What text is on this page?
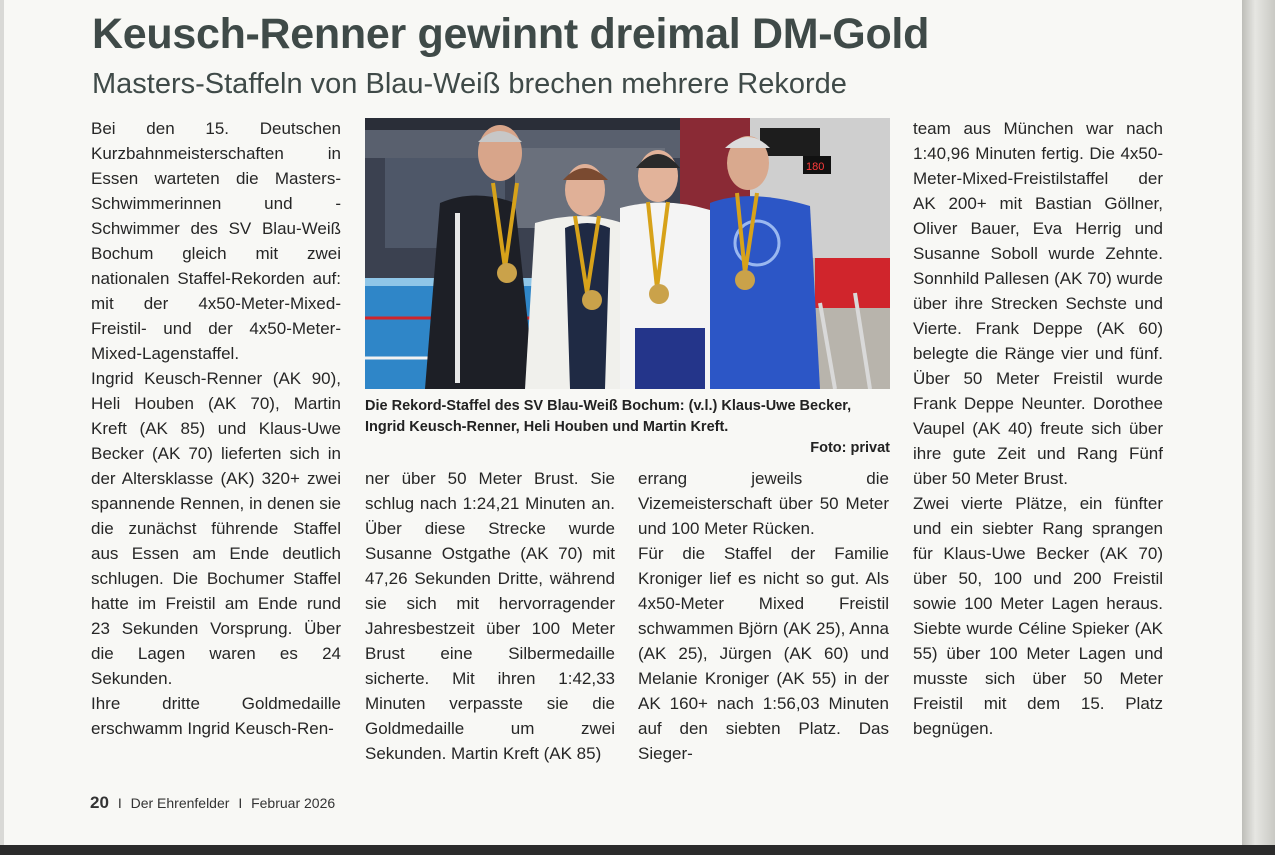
Keusch-Renner gewinnt dreimal DM-Gold
Masters-Staffeln von Blau-Weiß brechen mehrere Rekorde

Bei den 15. Deutschen Kurzbahnmeisterschaften in Essen warteten die Masters-Schwimmerinnen und -Schwimmer des SV Blau-Weiß Bochum gleich mit zwei nationalen Staffel-Rekorden auf: mit der 4x50-Meter-Mixed-Freistil- und der 4x50-Meter-Mixed-Lagenstaffel.

Ingrid Keusch-Renner (AK 90), Heli Houben (AK 70), Martin Kreft (AK 85) und Klaus-Uwe Becker (AK 70) lieferten sich in der Altersklasse (AK) 320+ zwei spannende Rennen, in denen sie die zunächst führende Staffel aus Essen am Ende deutlich schlugen. Die Bochumer Staffel hatte im Freistil am Ende rund 23 Sekunden Vorsprung. Über die Lagen waren es 24 Sekunden.

Ihre dritte Goldmedaille erschwamm Ingrid Keusch-Ren-

180
Die Rekord-Staffel des SV Blau-Weiß Bochum: (v.l.) Klaus-Uwe Becker, Ingrid Keusch-Renner, Heli Houben und Martin Kreft.
Foto: privat

ner über 50 Meter Brust. Sie schlug nach 1:24,21 Minuten an. Über diese Strecke wurde Susanne Ostgathe (AK 70) mit 47,26 Sekunden Dritte, während sie sich mit hervorragender Jahresbestzeit über 100 Meter Brust eine Silbermedaille sicherte. Mit ihren 1:42,33 Minuten verpasste sie die Goldmedaille um zwei Sekunden. Martin Kreft (AK 85)

errang jeweils die Vizemeisterschaft über 50 Meter und 100 Meter Rücken.

Für die Staffel der Familie Kroniger lief es nicht so gut. Als 4x50-Meter Mixed Freistil schwammen Björn (AK 25), Anna (AK 25), Jürgen (AK 60) und Melanie Kroniger (AK 55) in der AK 160+ nach 1:56,03 Minuten auf den siebten Platz. Das Sieger-

team aus München war nach 1:40,96 Minuten fertig. Die 4x50-Meter-Mixed-Freistilstaffel der AK 200+ mit Bastian Göllner, Oliver Bauer, Eva Herrig und Susanne Soboll wurde Zehnte. Sonnhild Pallesen (AK 70) wurde über ihre Strecken Sechste und Vierte. Frank Deppe (AK 60) belegte die Ränge vier und fünf. Über 50 Meter Freistil wurde Frank Deppe Neunter. Dorothee Vaupel (AK 40) freute sich über ihre gute Zeit und Rang Fünf über 50 Meter Brust.

Zwei vierte Plätze, ein fünfter und ein siebter Rang sprangen für Klaus-Uwe Becker (AK 70) über 50, 100 und 200 Freistil sowie 100 Meter Lagen heraus. Siebte wurde Céline Spieker (AK 55) über 100 Meter Lagen und musste sich über 50 Meter Freistil mit dem 15. Platz begnügen.

20 I Der Ehrenfelder I Februar 2026
